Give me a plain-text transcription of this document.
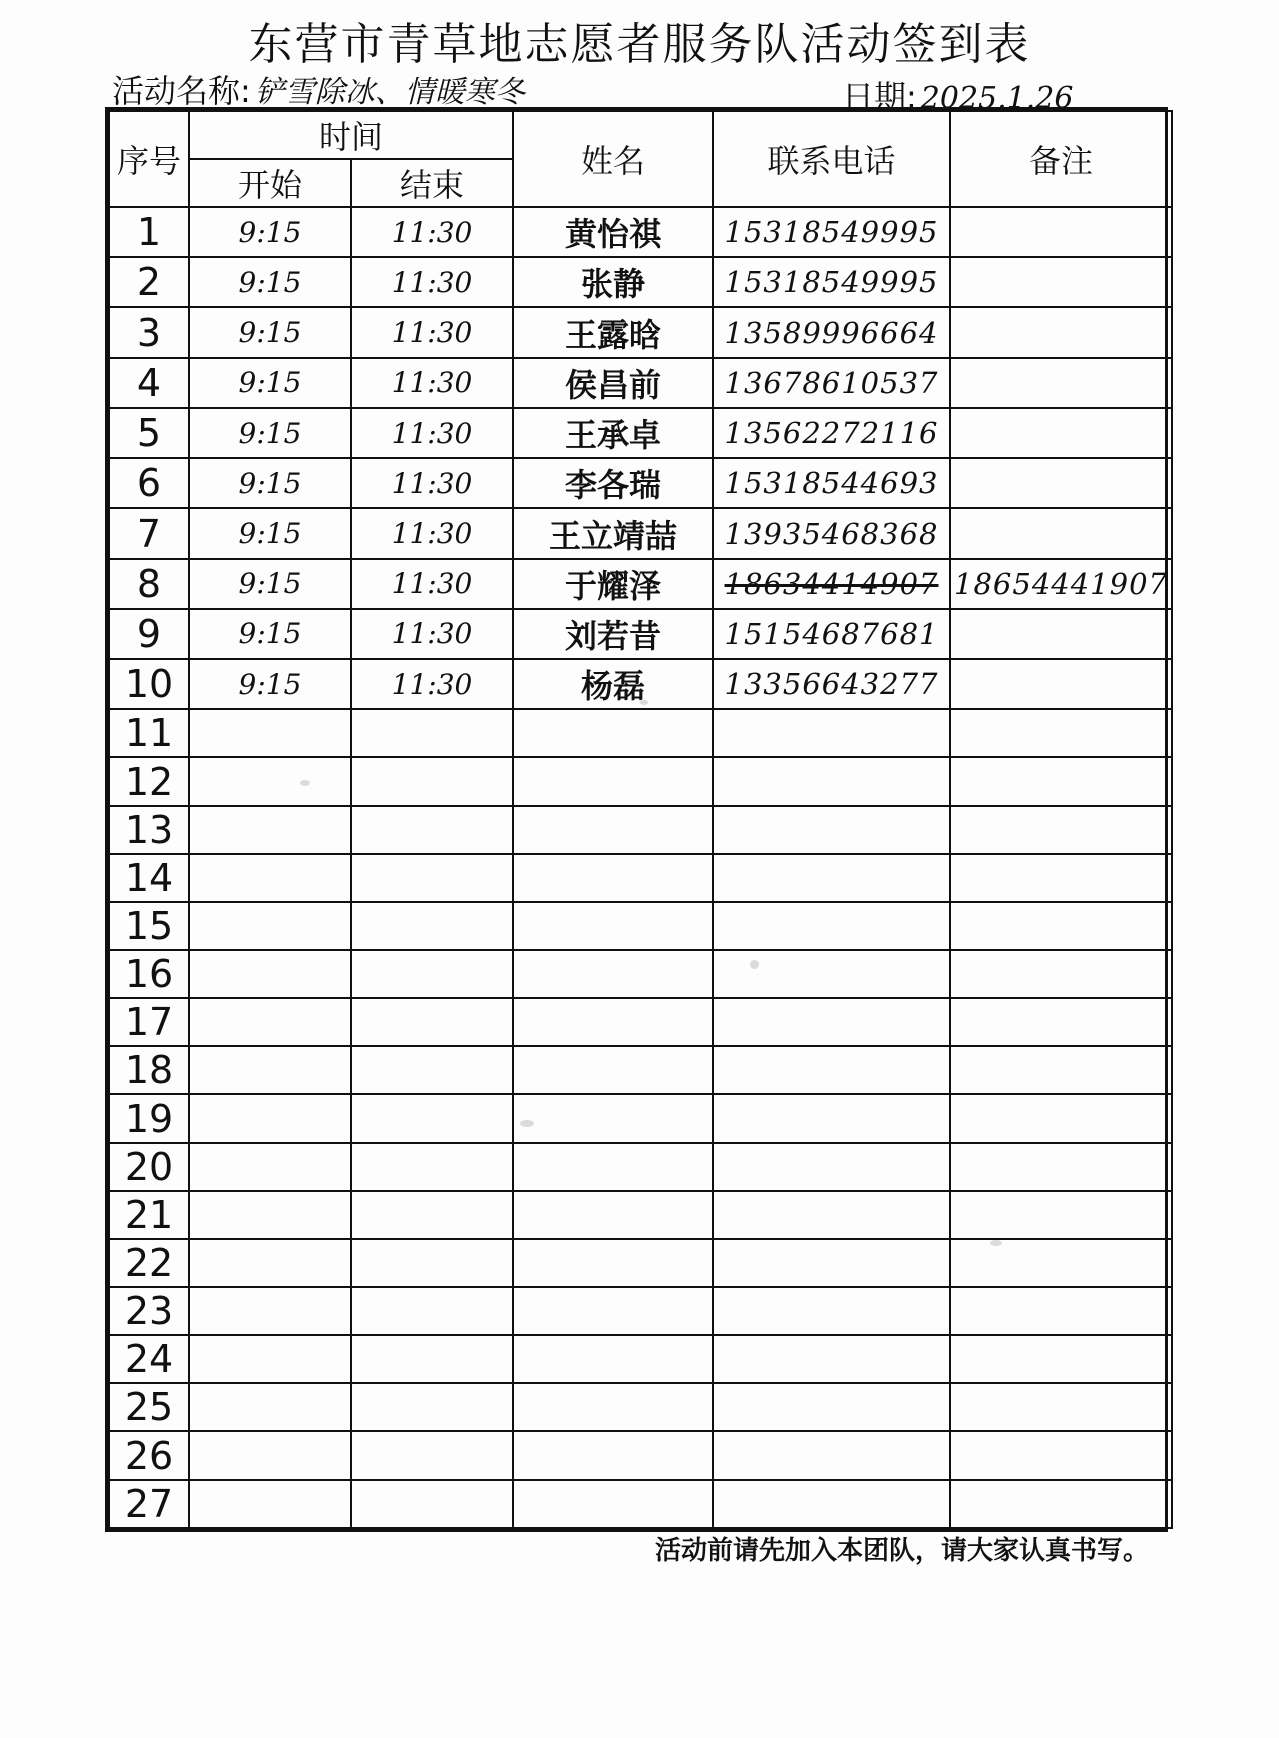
东营市青草地志愿者服务队活动签到表
活动名称: 铲雪除冰、情暖寒冬	日期: 2025.1.26
序号	时间		姓名	联系电话	备注
	开始	结束			
1	9:15	11:30	黄怡祺	15318549995	
2	9:15	11:30	张静	15318549995	
3	9:15	11:30	王露晗	13589996664	
4	9:15	11:30	侯昌前	13678610537	
5	9:15	11:30	王承卓	13562272116	
6	9:15	11:30	李各瑞	15318544693	
7	9:15	11:30	王立靖喆	13935468368	
8	9:15	11:30	于耀泽	18634414907	18654441907
9	9:15	11:30	刘若昔	15154687681	
10	9:15	11:30	杨磊	13356643277	
11					
12					
13					
14					
15					
16					
17					
18					
19					
20					
21					
22					
23					
24					
25					
26					
27					
活动前请先加入本团队，请大家认真书写。
